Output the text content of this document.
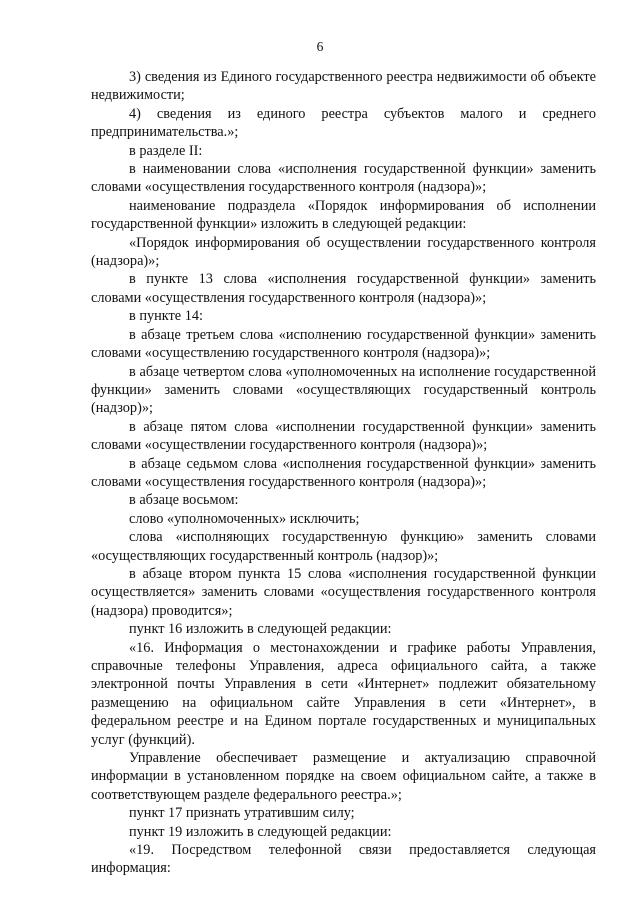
6

3) сведения из Единого государственного реестра недвижимости об объекте недвижимости;

4) сведения из единого реестра субъектов малого и среднего предпринимательства.»;

в разделе II:

в наименовании слова «исполнения государственной функции» заменить словами «осуществления государственного контроля (надзора)»;

наименование подраздела «Порядок информирования об исполнении государственной функции» изложить в следующей редакции:

«Порядок информирования об осуществлении государственного контроля (надзора)»;

в пункте 13 слова «исполнения государственной функции» заменить словами «осуществления государственного контроля (надзора)»;

в пункте 14:

в абзаце третьем слова «исполнению государственной функции» заменить словами «осуществлению государственного контроля (надзора)»;

в абзаце четвертом слова «уполномоченных на исполнение государственной функции» заменить словами «осуществляющих государственный контроль (надзор)»;

в абзаце пятом слова «исполнении государственной функции» заменить словами «осуществлении государственного контроля (надзора)»;

в абзаце седьмом слова «исполнения государственной функции» заменить словами «осуществления государственного контроля (надзора)»;

в абзаце восьмом:

слово «уполномоченных» исключить;

слова «исполняющих государственную функцию» заменить словами «осуществляющих государственный контроль (надзор)»;

в абзаце втором пункта 15 слова «исполнения государственной функции осуществляется» заменить словами «осуществления государственного контроля (надзора) проводится»;

пункт 16 изложить в следующей редакции:

«16. Информация о местонахождении и графике работы Управления, справочные телефоны Управления, адреса официального сайта, а также электронной почты Управления в сети «Интернет» подлежит обязательному размещению на официальном сайте Управления в сети «Интернет», в федеральном реестре и на Едином портале государственных и муниципальных услуг (функций).

Управление обеспечивает размещение и актуализацию справочной информации в установленном порядке на своем официальном сайте, а также в соответствующем разделе федерального реестра.»;

пункт 17 признать утратившим силу;

пункт 19 изложить в следующей редакции:

«19. Посредством телефонной связи предоставляется следующая информация:
